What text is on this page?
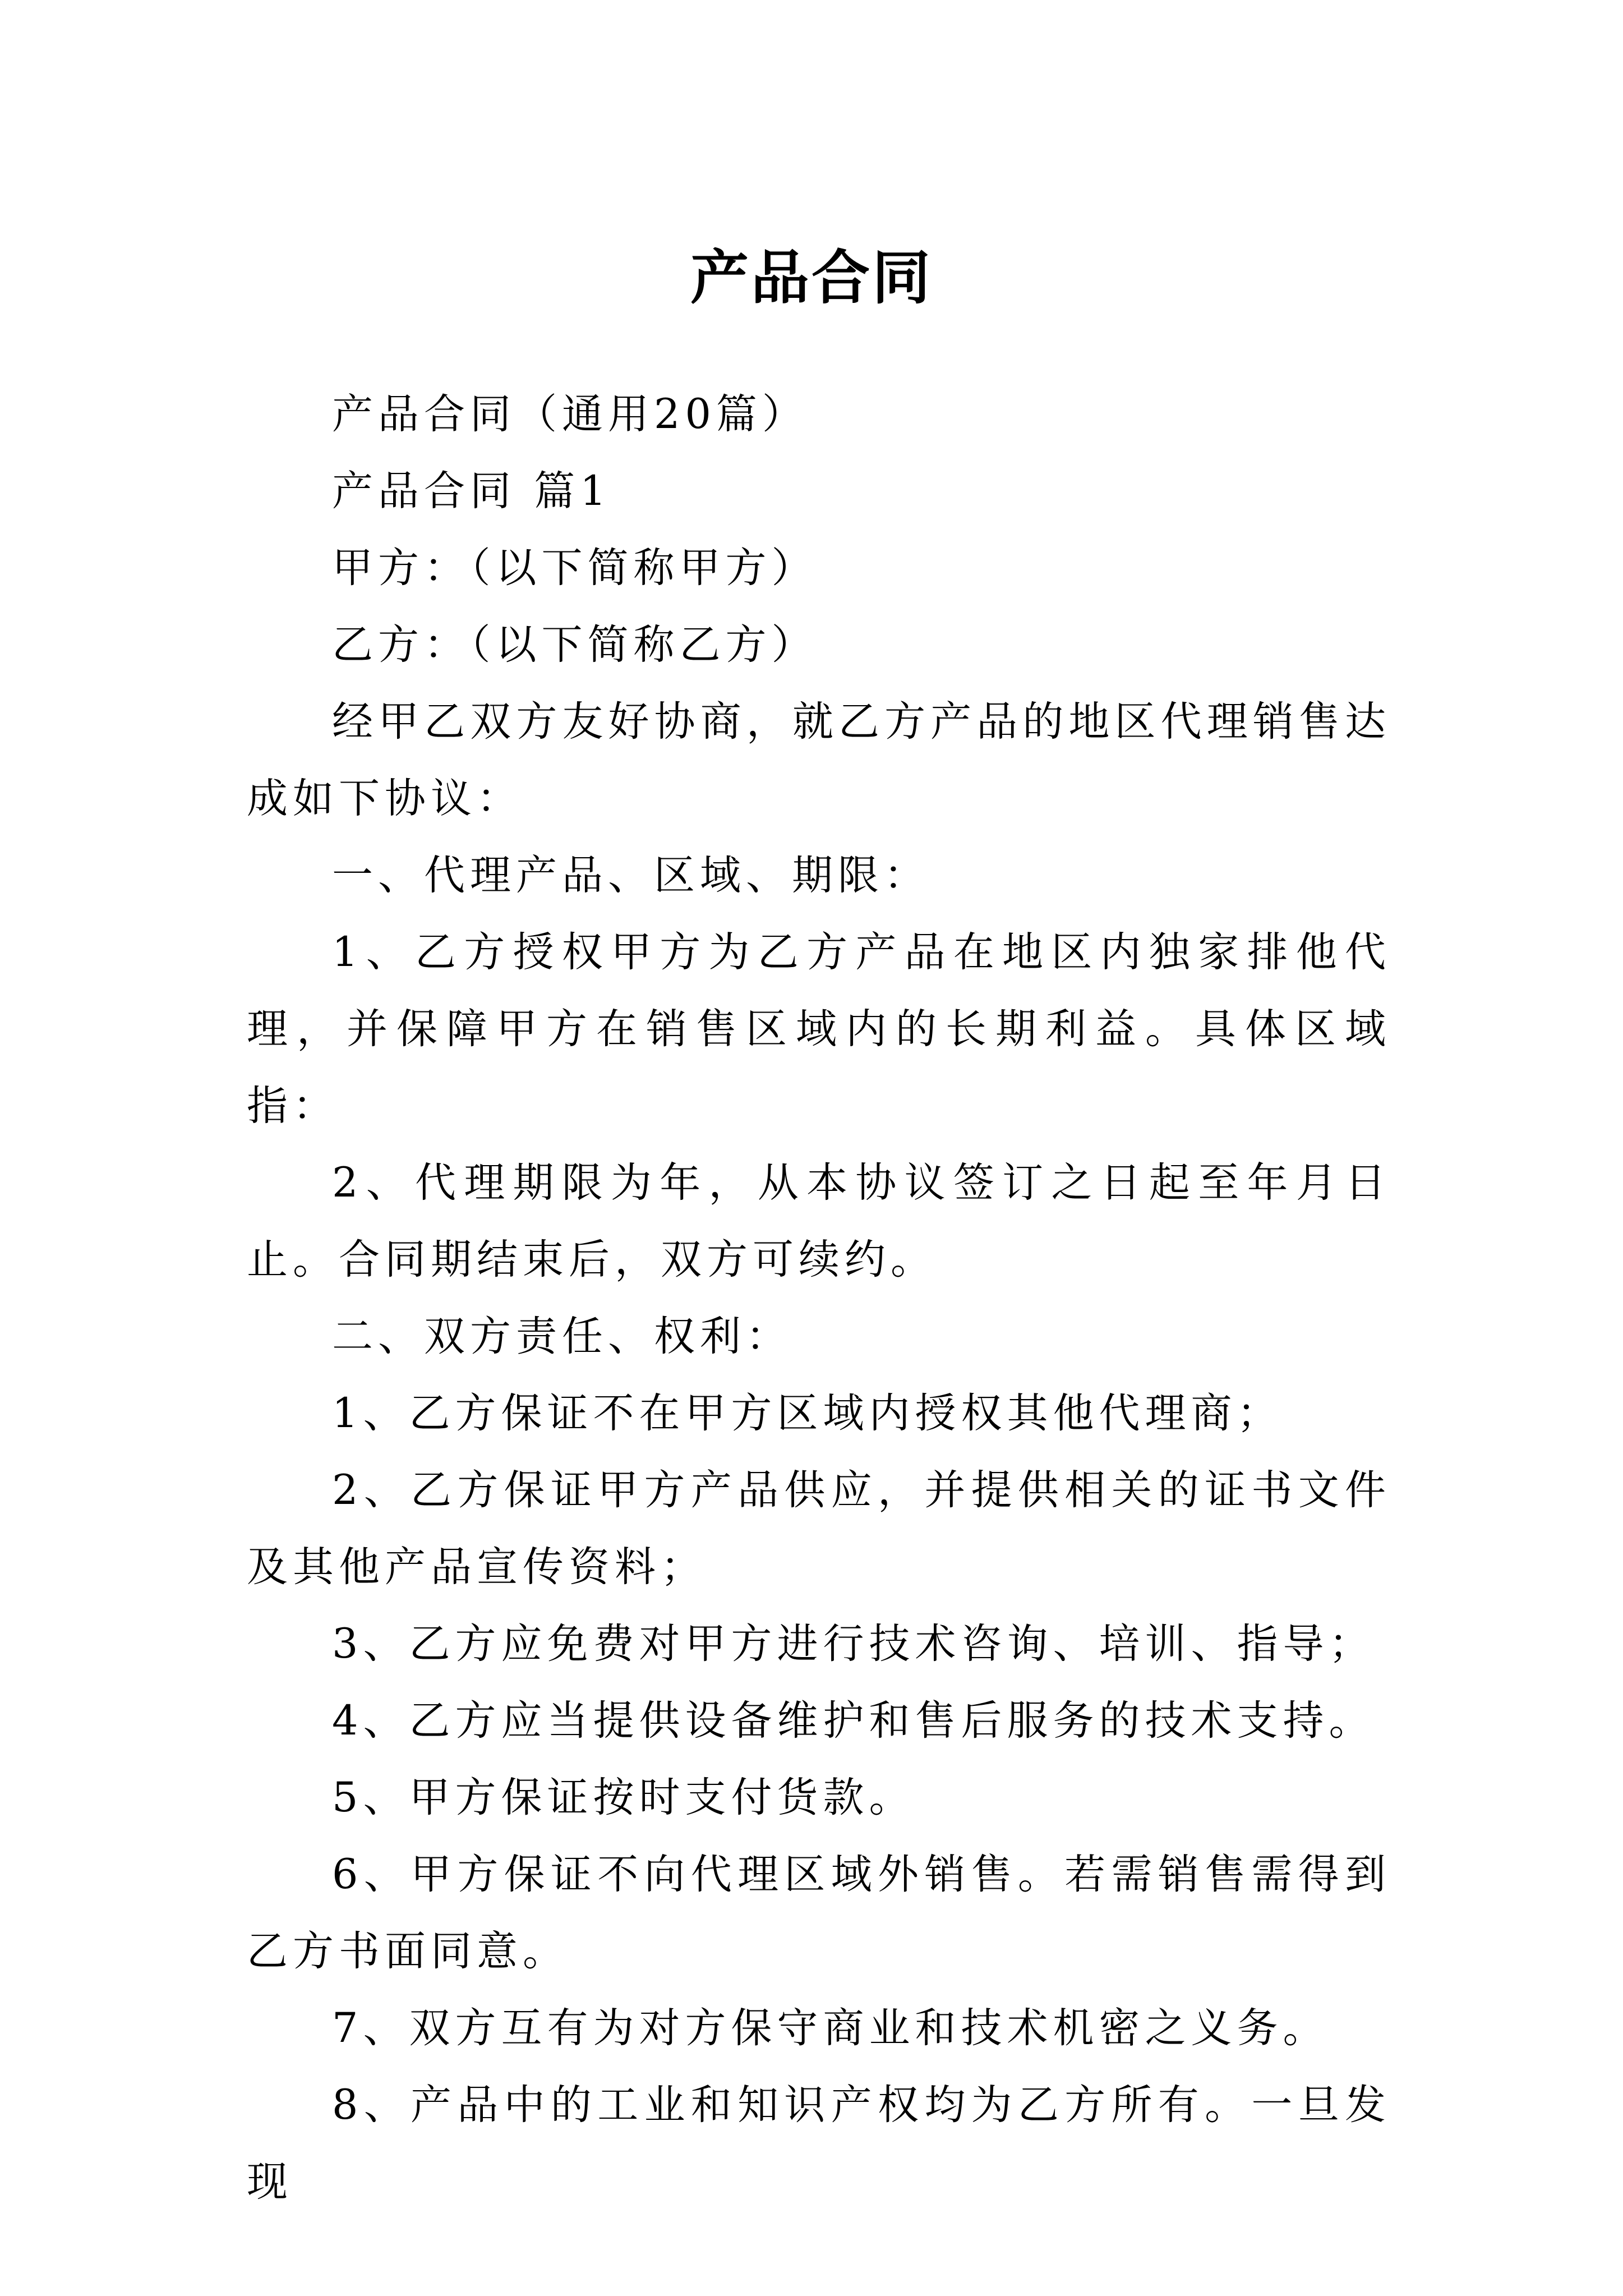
产品合同

产品合同（通用20篇）

产品合同 篇1

甲方：（以下简称甲方）

乙方：（以下简称乙方）

经甲乙双方友好协商，就乙方产品的地区代理销售达成如下协议：

一、代理产品、区域、期限：

1、乙方授权甲方为乙方产品在地区内独家排他代理，并保障甲方在销售区域内的长期利益。具体区域指：

2、代理期限为年，从本协议签订之日起至年月日止。合同期结束后，双方可续约。

二、双方责任、权利：

1、乙方保证不在甲方区域内授权其他代理商；

2、乙方保证甲方产品供应，并提供相关的证书文件及其他产品宣传资料；

3、乙方应免费对甲方进行技术咨询、培训、指导；

4、乙方应当提供设备维护和售后服务的技术支持。

5、甲方保证按时支付货款。

6、甲方保证不向代理区域外销售。若需销售需得到乙方书面同意。

7、双方互有为对方保守商业和技术机密之义务。

8、产品中的工业和知识产权均为乙方所有。一旦发现
